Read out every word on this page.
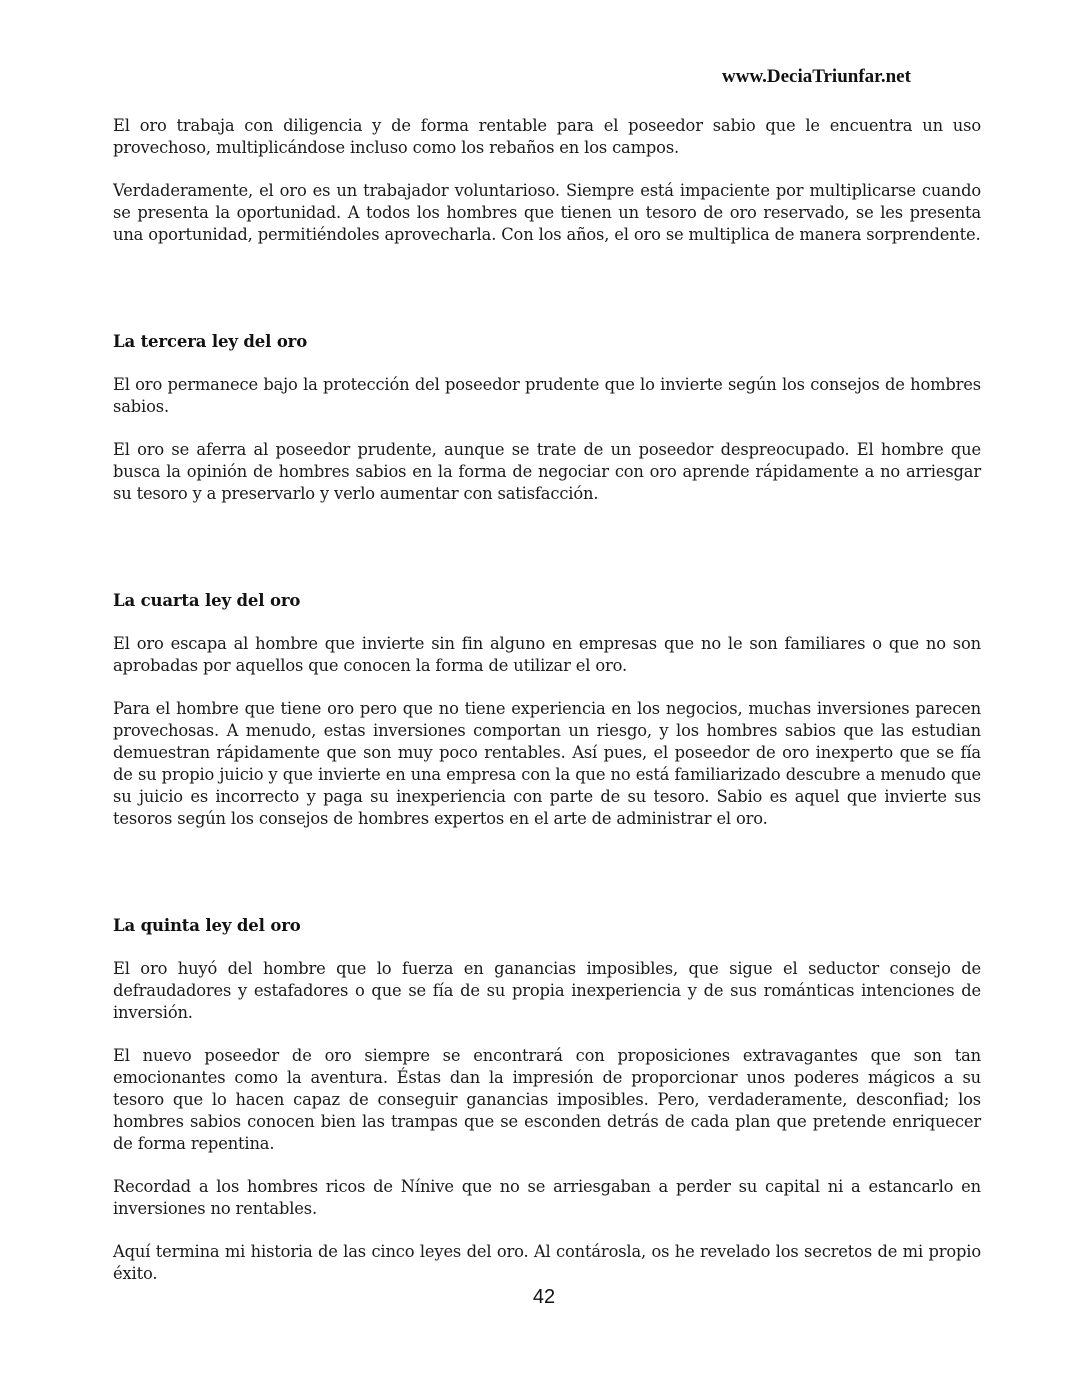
www.DeciaTriunfar.net

El oro trabaja con diligencia y de forma rentable para el poseedor sabio que le encuentra un uso provechoso, multiplicándose incluso como los rebaños en los campos.

Verdaderamente, el oro es un trabajador voluntarioso. Siempre está impaciente por multiplicarse cuando se presenta la oportunidad. A todos los hombres que tienen un tesoro de oro reservado, se les presenta una oportunidad, permitiéndoles aprovecharla. Con los años, el oro se multiplica de manera sorprendente.

La tercera ley del oro

El oro permanece bajo la protección del poseedor prudente que lo invierte según los consejos de hombres sabios.

El oro se aferra al poseedor prudente, aunque se trate de un poseedor despreocupado. El hombre que busca la opinión de hombres sabios en la forma de negociar con oro aprende rápidamente a no arriesgar su tesoro y a preservarlo y verlo aumentar con satisfacción.

La cuarta ley del oro

El oro escapa al hombre que invierte sin fin alguno en empresas que no le son familiares o que no son aprobadas por aquellos que conocen la forma de utilizar el oro.

Para el hombre que tiene oro pero que no tiene experiencia en los negocios, muchas inversiones parecen provechosas. A menudo, estas inversiones comportan un riesgo, y los hombres sabios que las estudian demuestran rápidamente que son muy poco rentables. Así pues, el poseedor de oro inexperto que se fía de su propio juicio y que invierte en una empresa con la que no está familiarizado descubre a menudo que su juicio es incorrecto y paga su inexperiencia con parte de su tesoro. Sabio es aquel que invierte sus tesoros según los consejos de hombres expertos en el arte de administrar el oro.

La quinta ley del oro

El oro huyó del hombre que lo fuerza en ganancias imposibles, que sigue el seductor consejo de defraudadores y estafadores o que se fía de su propia inexperiencia y de sus románticas intenciones de inversión.

El nuevo poseedor de oro siempre se encontrará con proposiciones extravagantes que son tan emocionantes como la aventura. Éstas dan la impresión de proporcionar unos poderes mágicos a su tesoro que lo hacen capaz de conseguir ganancias imposibles. Pero, verdaderamente, desconfiad; los hombres sabios conocen bien las trampas que se esconden detrás de cada plan que pretende enriquecer de forma repentina.

Recordad a los hombres ricos de Nínive que no se arriesgaban a perder su capital ni a estancarlo en inversiones no rentables.

Aquí termina mi historia de las cinco leyes del oro. Al contárosla, os he revelado los secretos de mi propio éxito.

42
